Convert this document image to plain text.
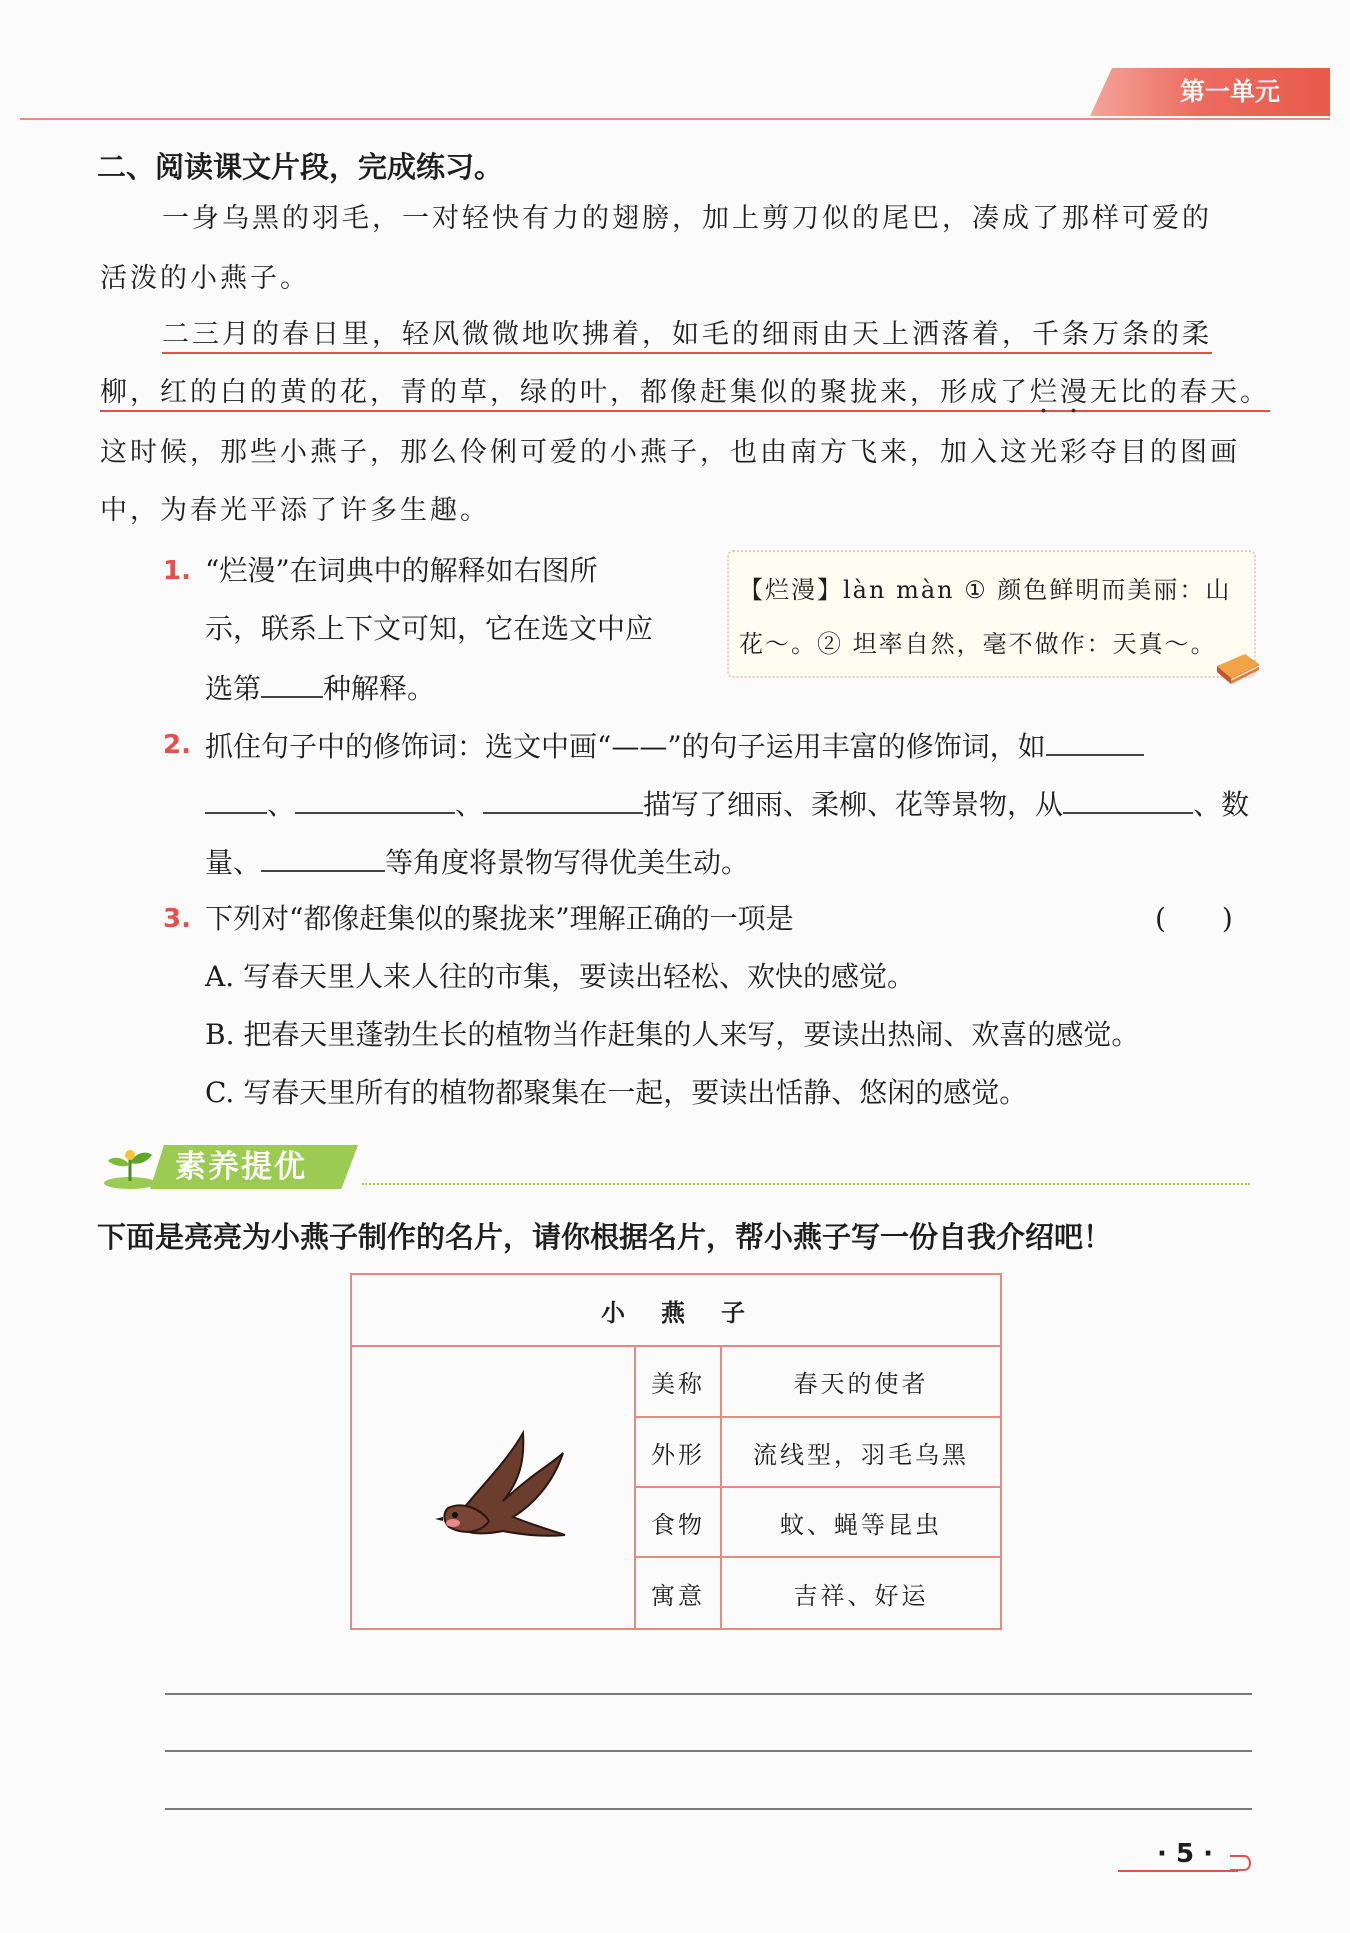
第一单元
二、阅读课文片段，完成练习。
一身乌黑的羽毛，一对轻快有力的翅膀，加上剪刀似的尾巴，凑成了那样可爱的
活泼的小燕子。
二三月的春日里，轻风微微地吹拂着，如毛的细雨由天上洒落着，千条万条的柔
柳，红的白的黄的花，青的草，绿的叶，都像赶集似的聚拢来，形成了烂漫无比的春天。
这时候，那些小燕子，那么伶俐可爱的小燕子，也由南方飞来，加入这光彩夺目的图画
中，为春光平添了许多生趣。
1. “烂漫”在词典中的解释如右图所
示，联系上下文可知，它在选文中应
选第 种解释。
【烂漫】làn màn ① 颜色鲜明而美丽：山
花～。② 坦率自然，毫不做作：天真～。
2. 抓住句子中的修饰词：选文中画“——”的句子运用丰富的修饰词，如
、	、	描写了细雨、柔柳、花等景物，从	、数
量、	等角度将景物写得优美生动。
3. 下列对“都像赶集似的聚拢来”理解正确的一项是	(　　)
A. 写春天里人来人往的市集，要读出轻松、欢快的感觉。
B. 把春天里蓬勃生长的植物当作赶集的人来写，要读出热闹、欢喜的感觉。
C. 写春天里所有的植物都聚集在一起，要读出恬静、悠闲的感觉。
素养提优
下面是亮亮为小燕子制作的名片，请你根据名片，帮小燕子写一份自我介绍吧！
小　燕　子
美称	春天的使者
外形	流线型，羽毛乌黑
食物	蚊、蝇等昆虫
寓意	吉祥、好运
· 5 ·
